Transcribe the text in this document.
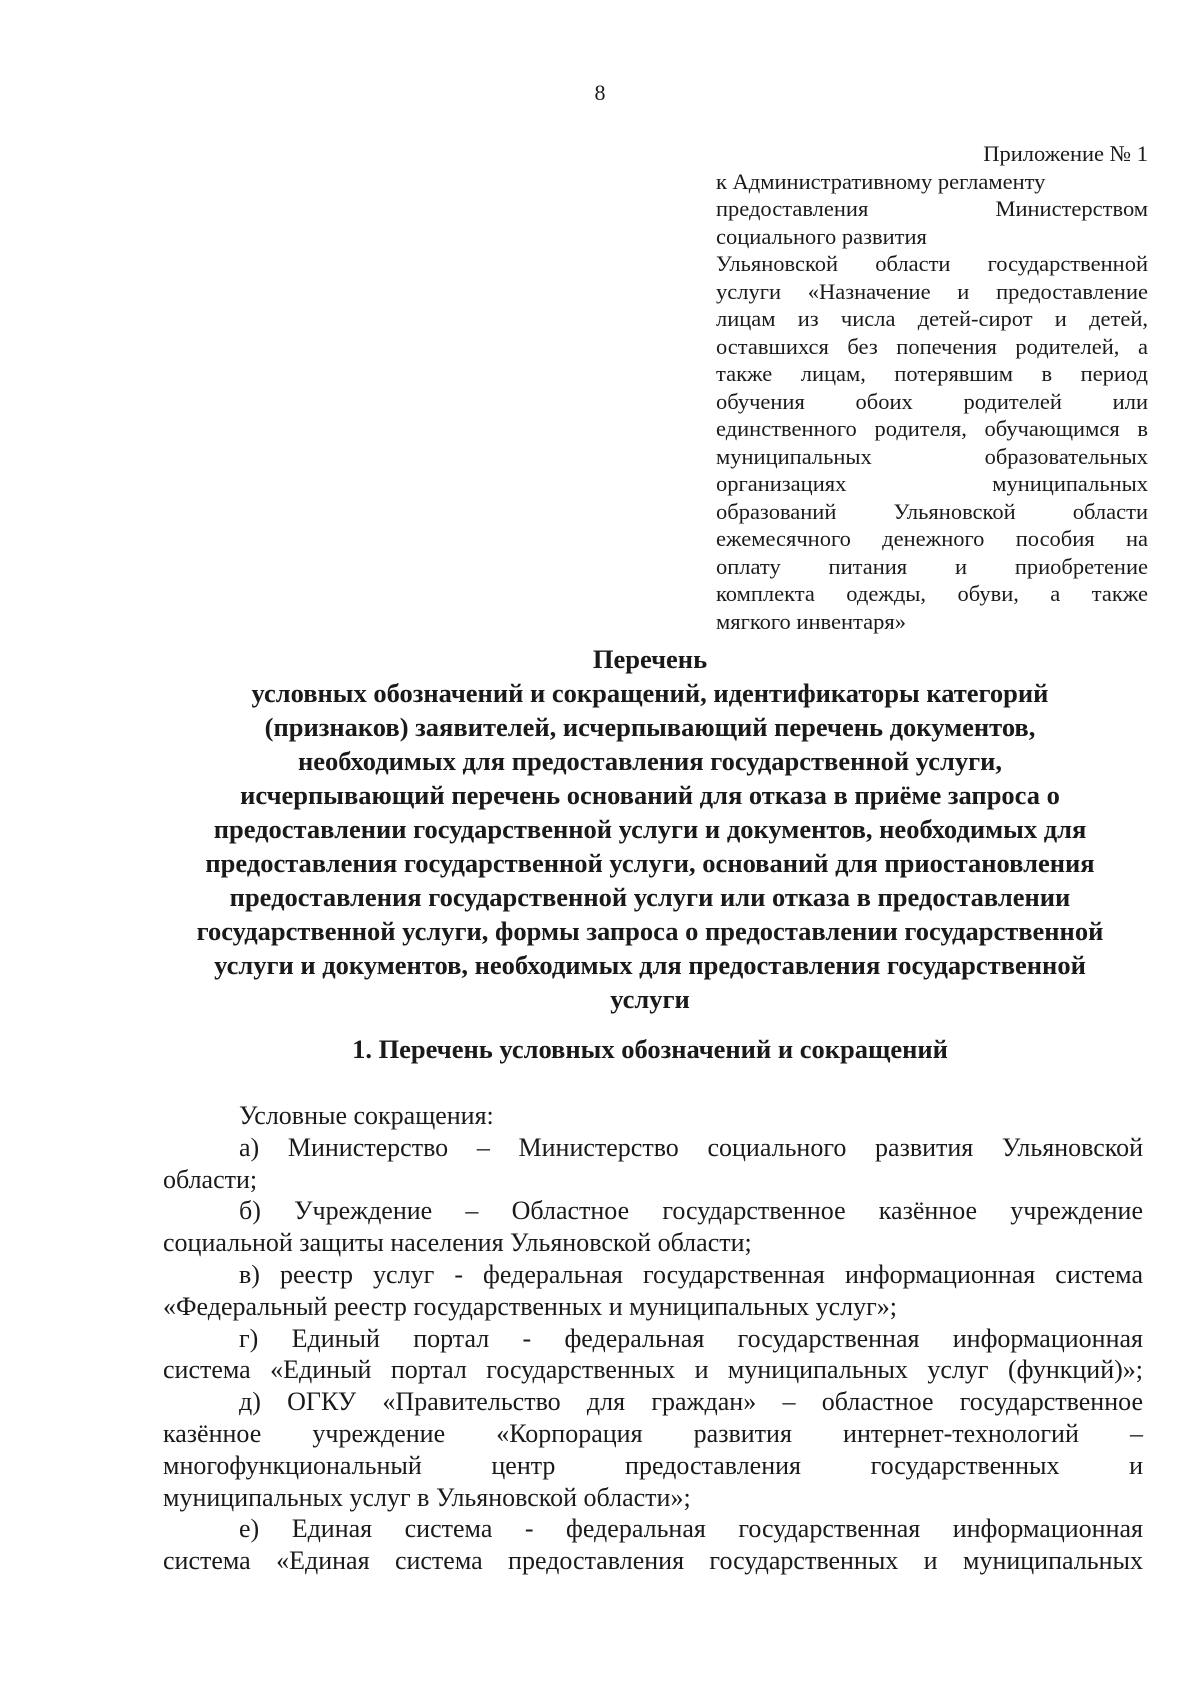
8
Приложение № 1
к Административному регламенту
предоставления Министерством
социального развития
Ульяновской области государственной
услуги «Назначение и предоставление
лицам из числа детей-сирот и детей,
оставшихся без попечения родителей, а
также лицам, потерявшим в период
обучения обоих родителей или
единственного родителя, обучающимся в
муниципальных образовательных
организациях муниципальных
образований Ульяновской области
ежемесячного денежного пособия на
оплату питания и приобретение
комплекта одежды, обуви, а также
мягкого инвентаря»
Перечень
условных обозначений и сокращений, идентификаторы категорий
(признаков) заявителей, исчерпывающий перечень документов,
необходимых для предоставления государственной услуги,
исчерпывающий перечень оснований для отказа в приёме запроса о
предоставлении государственной услуги и документов, необходимых для
предоставления государственной услуги, оснований для приостановления
предоставления государственной услуги или отказа в предоставлении
государственной услуги, формы запроса о предоставлении государственной
услуги и документов, необходимых для предоставления государственной
услуги
1. Перечень условных обозначений и сокращений
Условные сокращения:
а) Министерство – Министерство социального развития Ульяновской
области;
б) Учреждение – Областное государственное казённое учреждение
социальной защиты населения Ульяновской области;
в) реестр услуг - федеральная государственная информационная система
«Федеральный реестр государственных и муниципальных услуг»;
г) Единый портал - федеральная государственная информационная
система «Единый портал государственных и муниципальных услуг (функций)»;
д) ОГКУ «Правительство для граждан» – областное государственное
казённое учреждение «Корпорация развития интернет-технологий –
многофункциональный центр предоставления государственных и
муниципальных услуг в Ульяновской области»;
е) Единая система - федеральная государственная информационная
система «Единая система предоставления государственных и муниципальных
